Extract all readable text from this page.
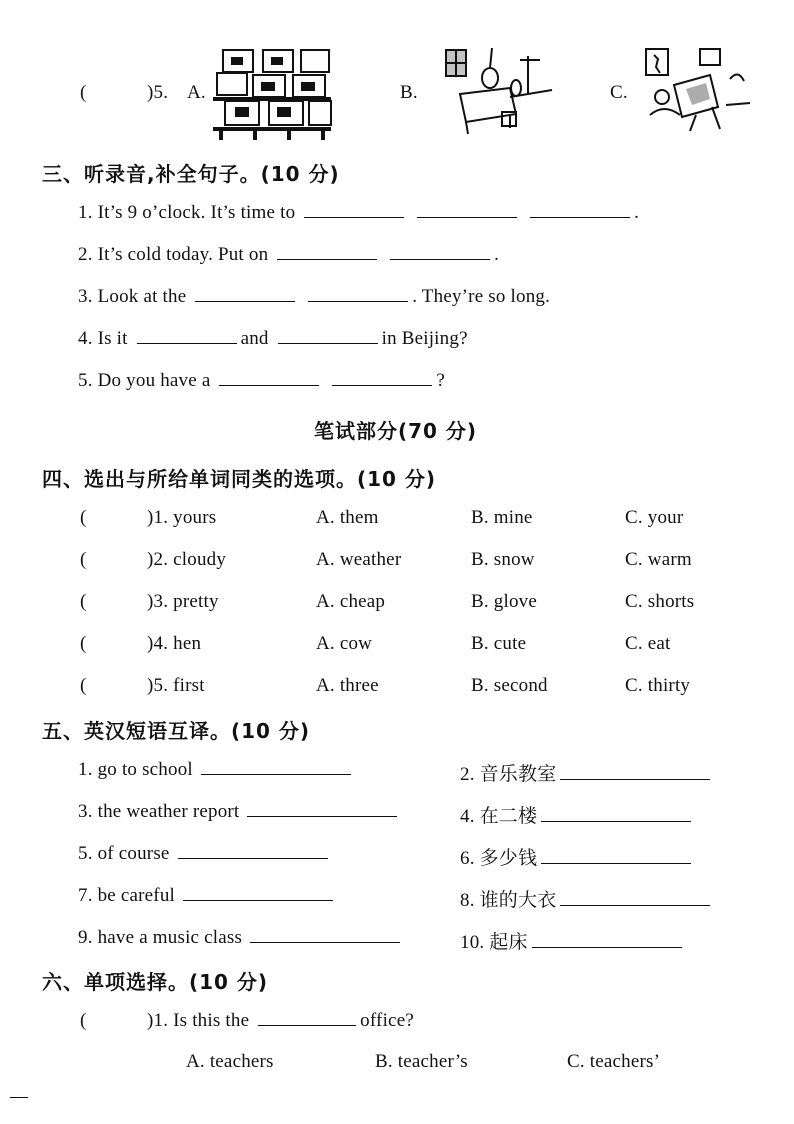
(	)5. A.	B.	C.
三、听录音,补全句子。(10 分)
1. It’s 9 o’clock. It’s time to	.
2. It’s cold today. Put on	.
3. Look at the	. They’re so long.
4. Is it	and	in Beijing?
5. Do you have a	?
笔试部分(70 分)
四、选出与所给单词同类的选项。(10 分)
(	)1. yours	A. them	B. mine	C. your
(	)2. cloudy	A. weather	B. snow	C. warm
(	)3. pretty	A. cheap	B. glove	C. shorts
(	)4. hen	A. cow	B. cute	C. eat
(	)5. first	A. three	B. second	C. thirty
五、英汉短语互译。(10 分)
1. go to school	2. 音乐教室
3. the weather report	4. 在二楼
5. of course	6. 多少钱
7. be careful	8. 谁的大衣
9. have a music class	10. 起床
六、单项选择。(10 分)
(	)1. Is this the	office?
A. teachers	B. teacher’s	C. teachers’
